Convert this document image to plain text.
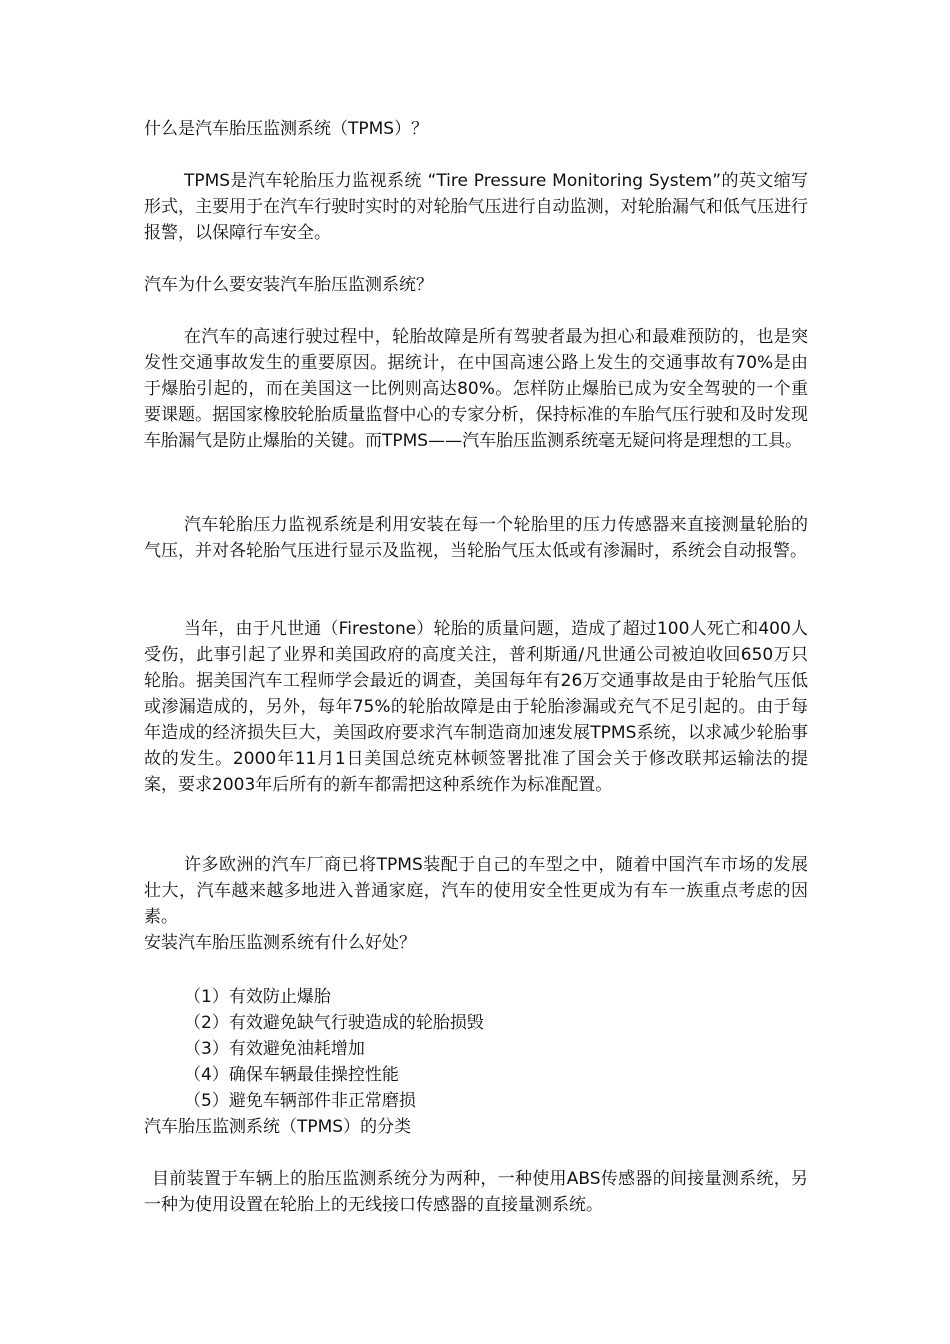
什么是汽车胎压监测系统（TPMS）？

TPMS是汽车轮胎压力监视系统 “Tire Pressure Monitoring System”的英文缩写形式，主要用于在汽车行驶时实时的对轮胎气压进行自动监测，对轮胎漏气和低气压进行报警，以保障行车安全。

汽车为什么要安装汽车胎压监测系统？

在汽车的高速行驶过程中，轮胎故障是所有驾驶者最为担心和最难预防的，也是突发性交通事故发生的重要原因。据统计，在中国高速公路上发生的交通事故有70%是由于爆胎引起的，而在美国这一比例则高达80%。怎样防止爆胎已成为安全驾驶的一个重要课题。据国家橡胶轮胎质量监督中心的专家分析，保持标准的车胎气压行驶和及时发现车胎漏气是防止爆胎的关键。而TPMS——汽车胎压监测系统毫无疑问将是理想的工具。

汽车轮胎压力监视系统是利用安装在每一个轮胎里的压力传感器来直接测量轮胎的气压，并对各轮胎气压进行显示及监视，当轮胎气压太低或有渗漏时，系统会自动报警。

当年，由于凡世通（Firestone）轮胎的质量问题，造成了超过100人死亡和400人受伤，此事引起了业界和美国政府的高度关注，普利斯通/凡世通公司被迫收回650万只轮胎。据美国汽车工程师学会最近的调查，美国每年有26万交通事故是由于轮胎气压低或渗漏造成的，另外，每年75%的轮胎故障是由于轮胎渗漏或充气不足引起的。由于每年造成的经济损失巨大，美国政府要求汽车制造商加速发展TPMS系统，以求减少轮胎事故的发生。2000年11月1日美国总统克林顿签署批准了国会关于修改联邦运输法的提案，要求2003年后所有的新车都需把这种系统作为标准配置。

许多欧洲的汽车厂商已将TPMS装配于自己的车型之中，随着中国汽车市场的发展壮大，汽车越来越多地进入普通家庭，汽车的使用安全性更成为有车一族重点考虑的因素。

安装汽车胎压监测系统有什么好处？
（1）有效防止爆胎
（2）有效避免缺气行驶造成的轮胎损毁
（3）有效避免油耗增加
（4）确保车辆最佳操控性能
（5）避免车辆部件非正常磨损
汽车胎压监测系统（TPMS）的分类

目前装置于车辆上的胎压监测系统分为两种，一种使用ABS传感器的间接量测系统，另一种为使用设置在轮胎上的无线接口传感器的直接量测系统。
